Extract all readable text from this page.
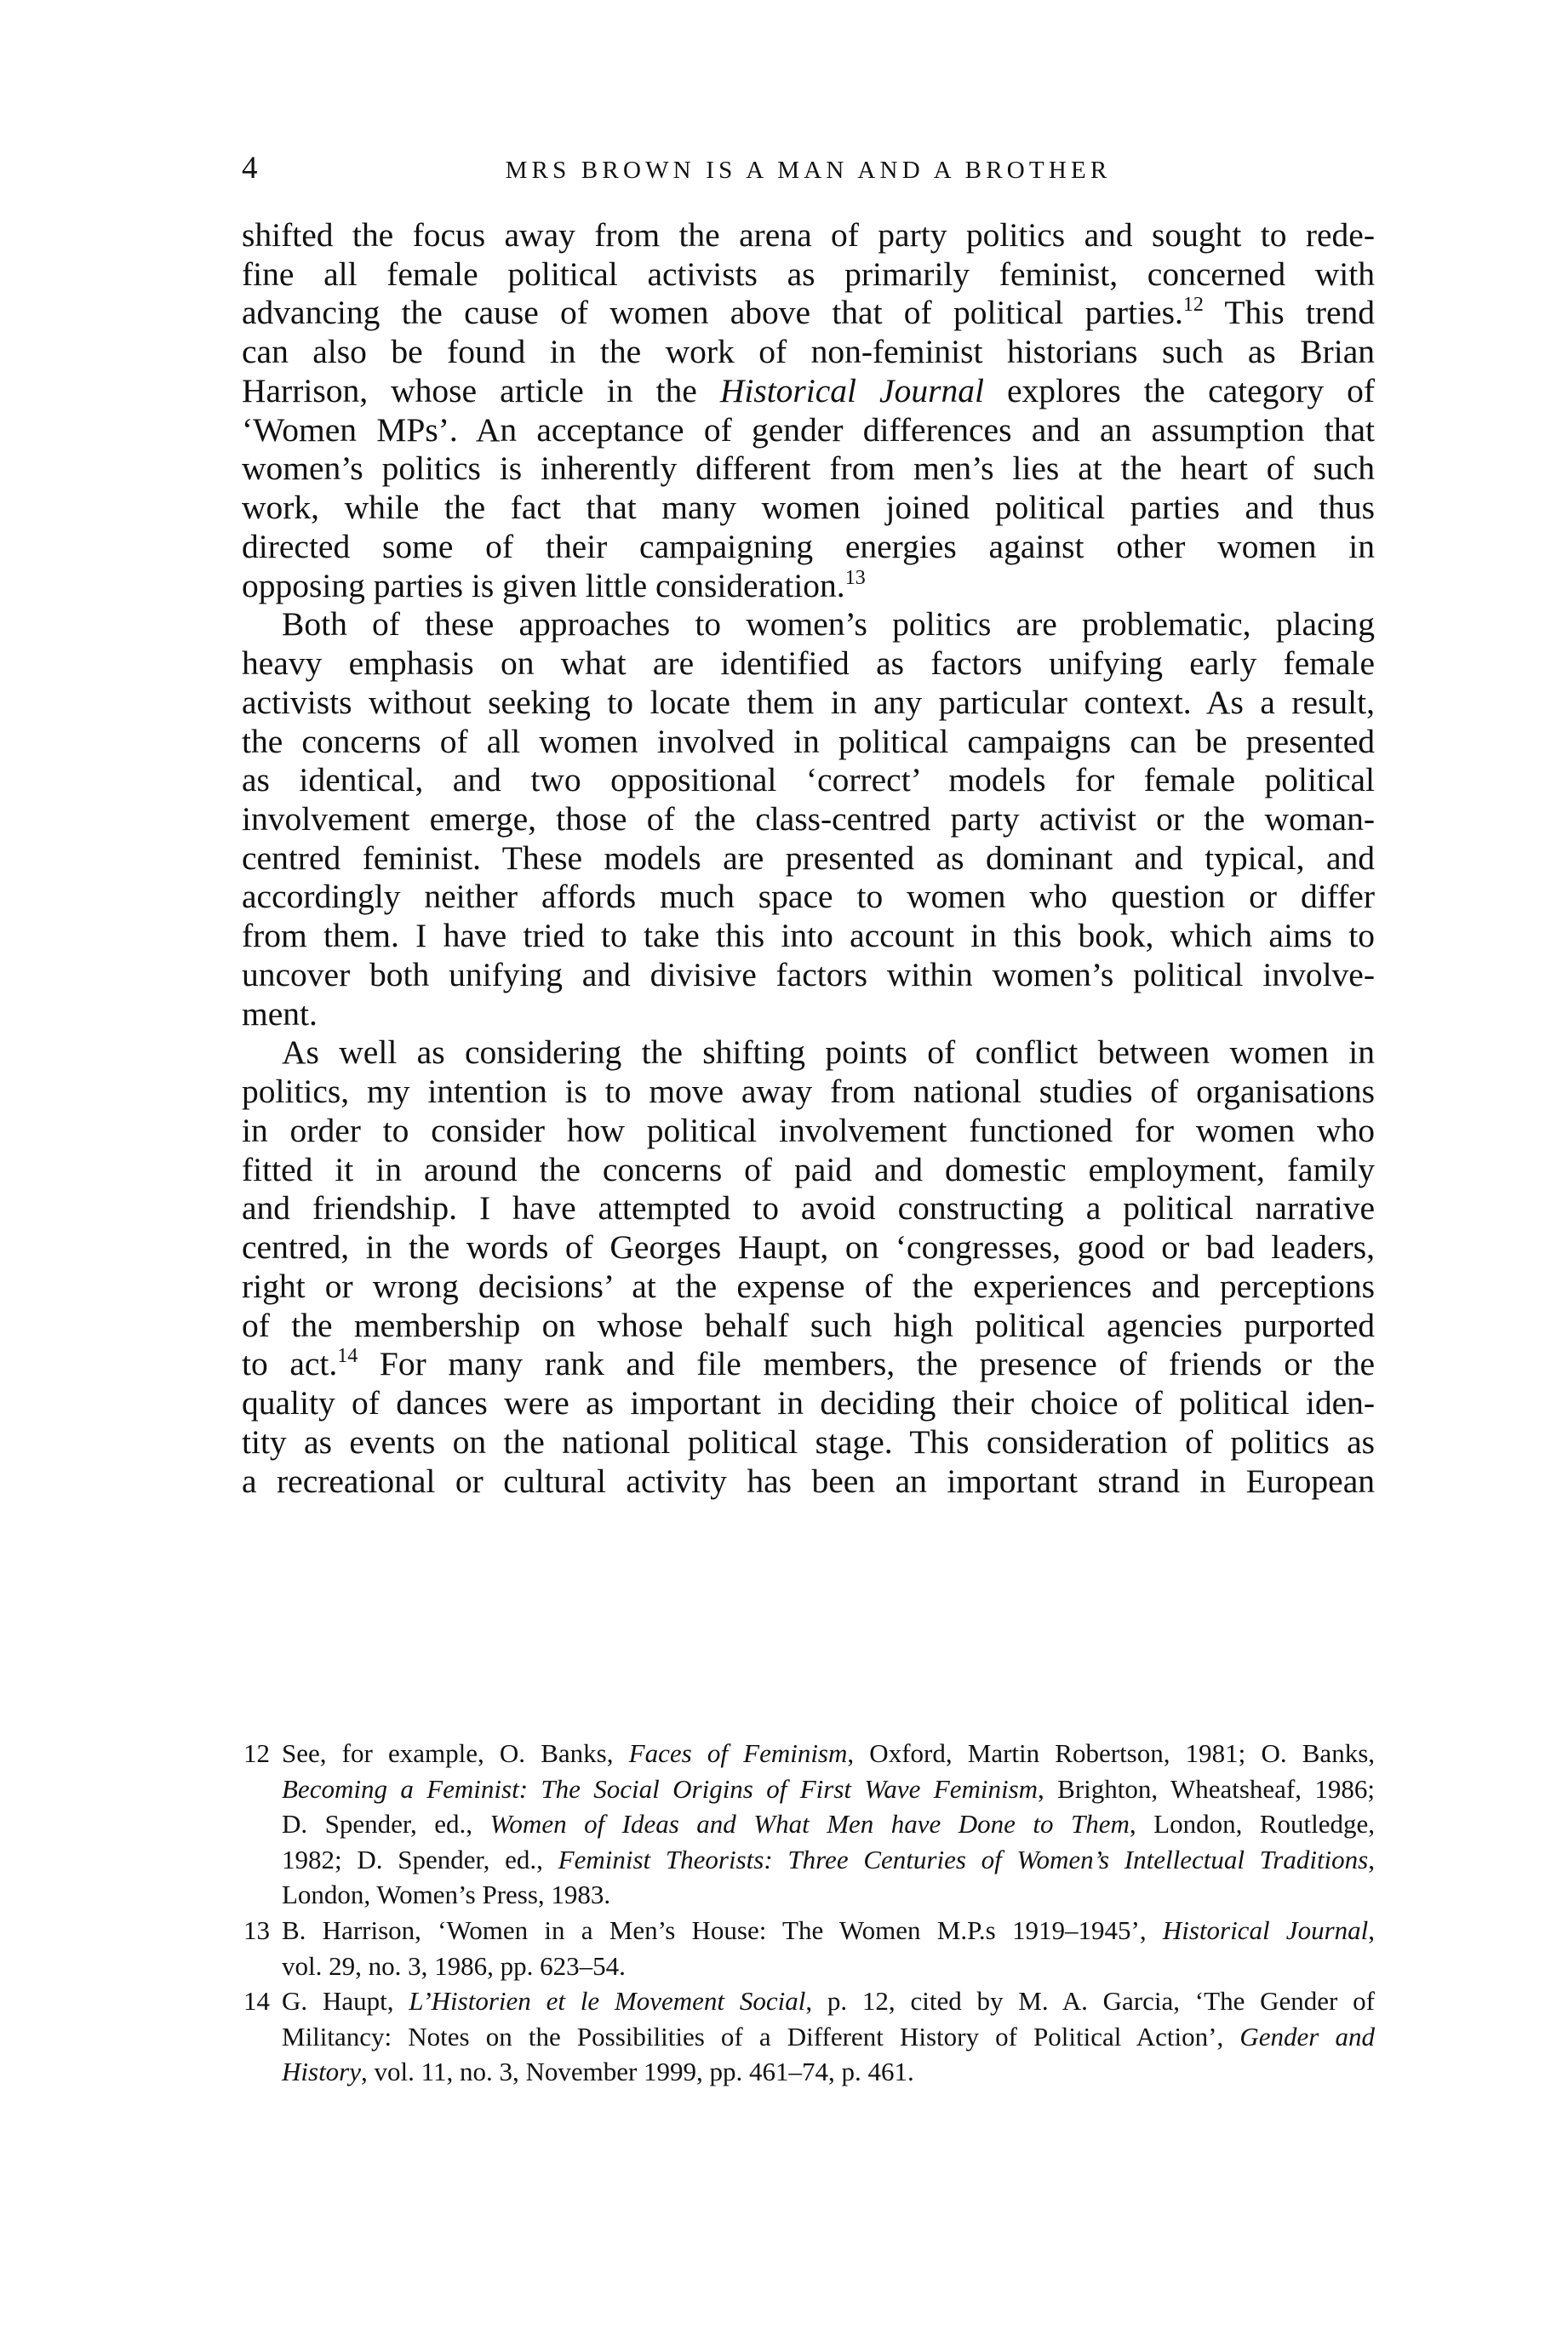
4	MRS BROWN IS A MAN AND A BROTHER
shifted the focus away from the arena of party politics and sought to rede-
fine all female political activists as primarily feminist, concerned with
advancing the cause of women above that of political parties.$^{12}$ This trend
can also be found in the work of non-feminist historians such as Brian
Harrison, whose article in the Historical Journal explores the category of
‘Women MPs’. An acceptance of gender differences and an assumption that
women’s politics is inherently different from men’s lies at the heart of such
work, while the fact that many women joined political parties and thus
directed some of their campaigning energies against other women in
opposing parties is given little consideration.$^{13}$
Both of these approaches to women’s politics are problematic, placing
heavy emphasis on what are identified as factors unifying early female
activists without seeking to locate them in any particular context. As a result,
the concerns of all women involved in political campaigns can be presented
as identical, and two oppositional ‘correct’ models for female political
involvement emerge, those of the class-centred party activist or the woman-
centred feminist. These models are presented as dominant and typical, and
accordingly neither affords much space to women who question or differ
from them. I have tried to take this into account in this book, which aims to
uncover both unifying and divisive factors within women’s political involve-
ment.
As well as considering the shifting points of conflict between women in
politics, my intention is to move away from national studies of organisations
in order to consider how political involvement functioned for women who
fitted it in around the concerns of paid and domestic employment, family
and friendship. I have attempted to avoid constructing a political narrative
centred, in the words of Georges Haupt, on ‘congresses, good or bad leaders,
right or wrong decisions’ at the expense of the experiences and perceptions
of the membership on whose behalf such high political agencies purported
to act.$^{14}$ For many rank and file members, the presence of friends or the
quality of dances were as important in deciding their choice of political iden-
tity as events on the national political stage. This consideration of politics as
a recreational or cultural activity has been an important strand in European
12 See, for example, O. Banks, Faces of Feminism, Oxford, Martin Robertson, 1981; O. Banks,
Becoming a Feminist: The Social Origins of First Wave Feminism, Brighton, Wheatsheaf, 1986;
D. Spender, ed., Women of Ideas and What Men have Done to Them, London, Routledge,
1982; D. Spender, ed., Feminist Theorists: Three Centuries of Women’s Intellectual Traditions,
London, Women’s Press, 1983.
13 B. Harrison, ‘Women in a Men’s House: The Women M.P.s 1919–1945’, Historical Journal,
vol. 29, no. 3, 1986, pp. 623–54.
14 G. Haupt, L’Historien et le Movement Social, p. 12, cited by M. A. Garcia, ‘The Gender of
Militancy: Notes on the Possibilities of a Different History of Political Action’, Gender and
History, vol. 11, no. 3, November 1999, pp. 461–74, p. 461.
